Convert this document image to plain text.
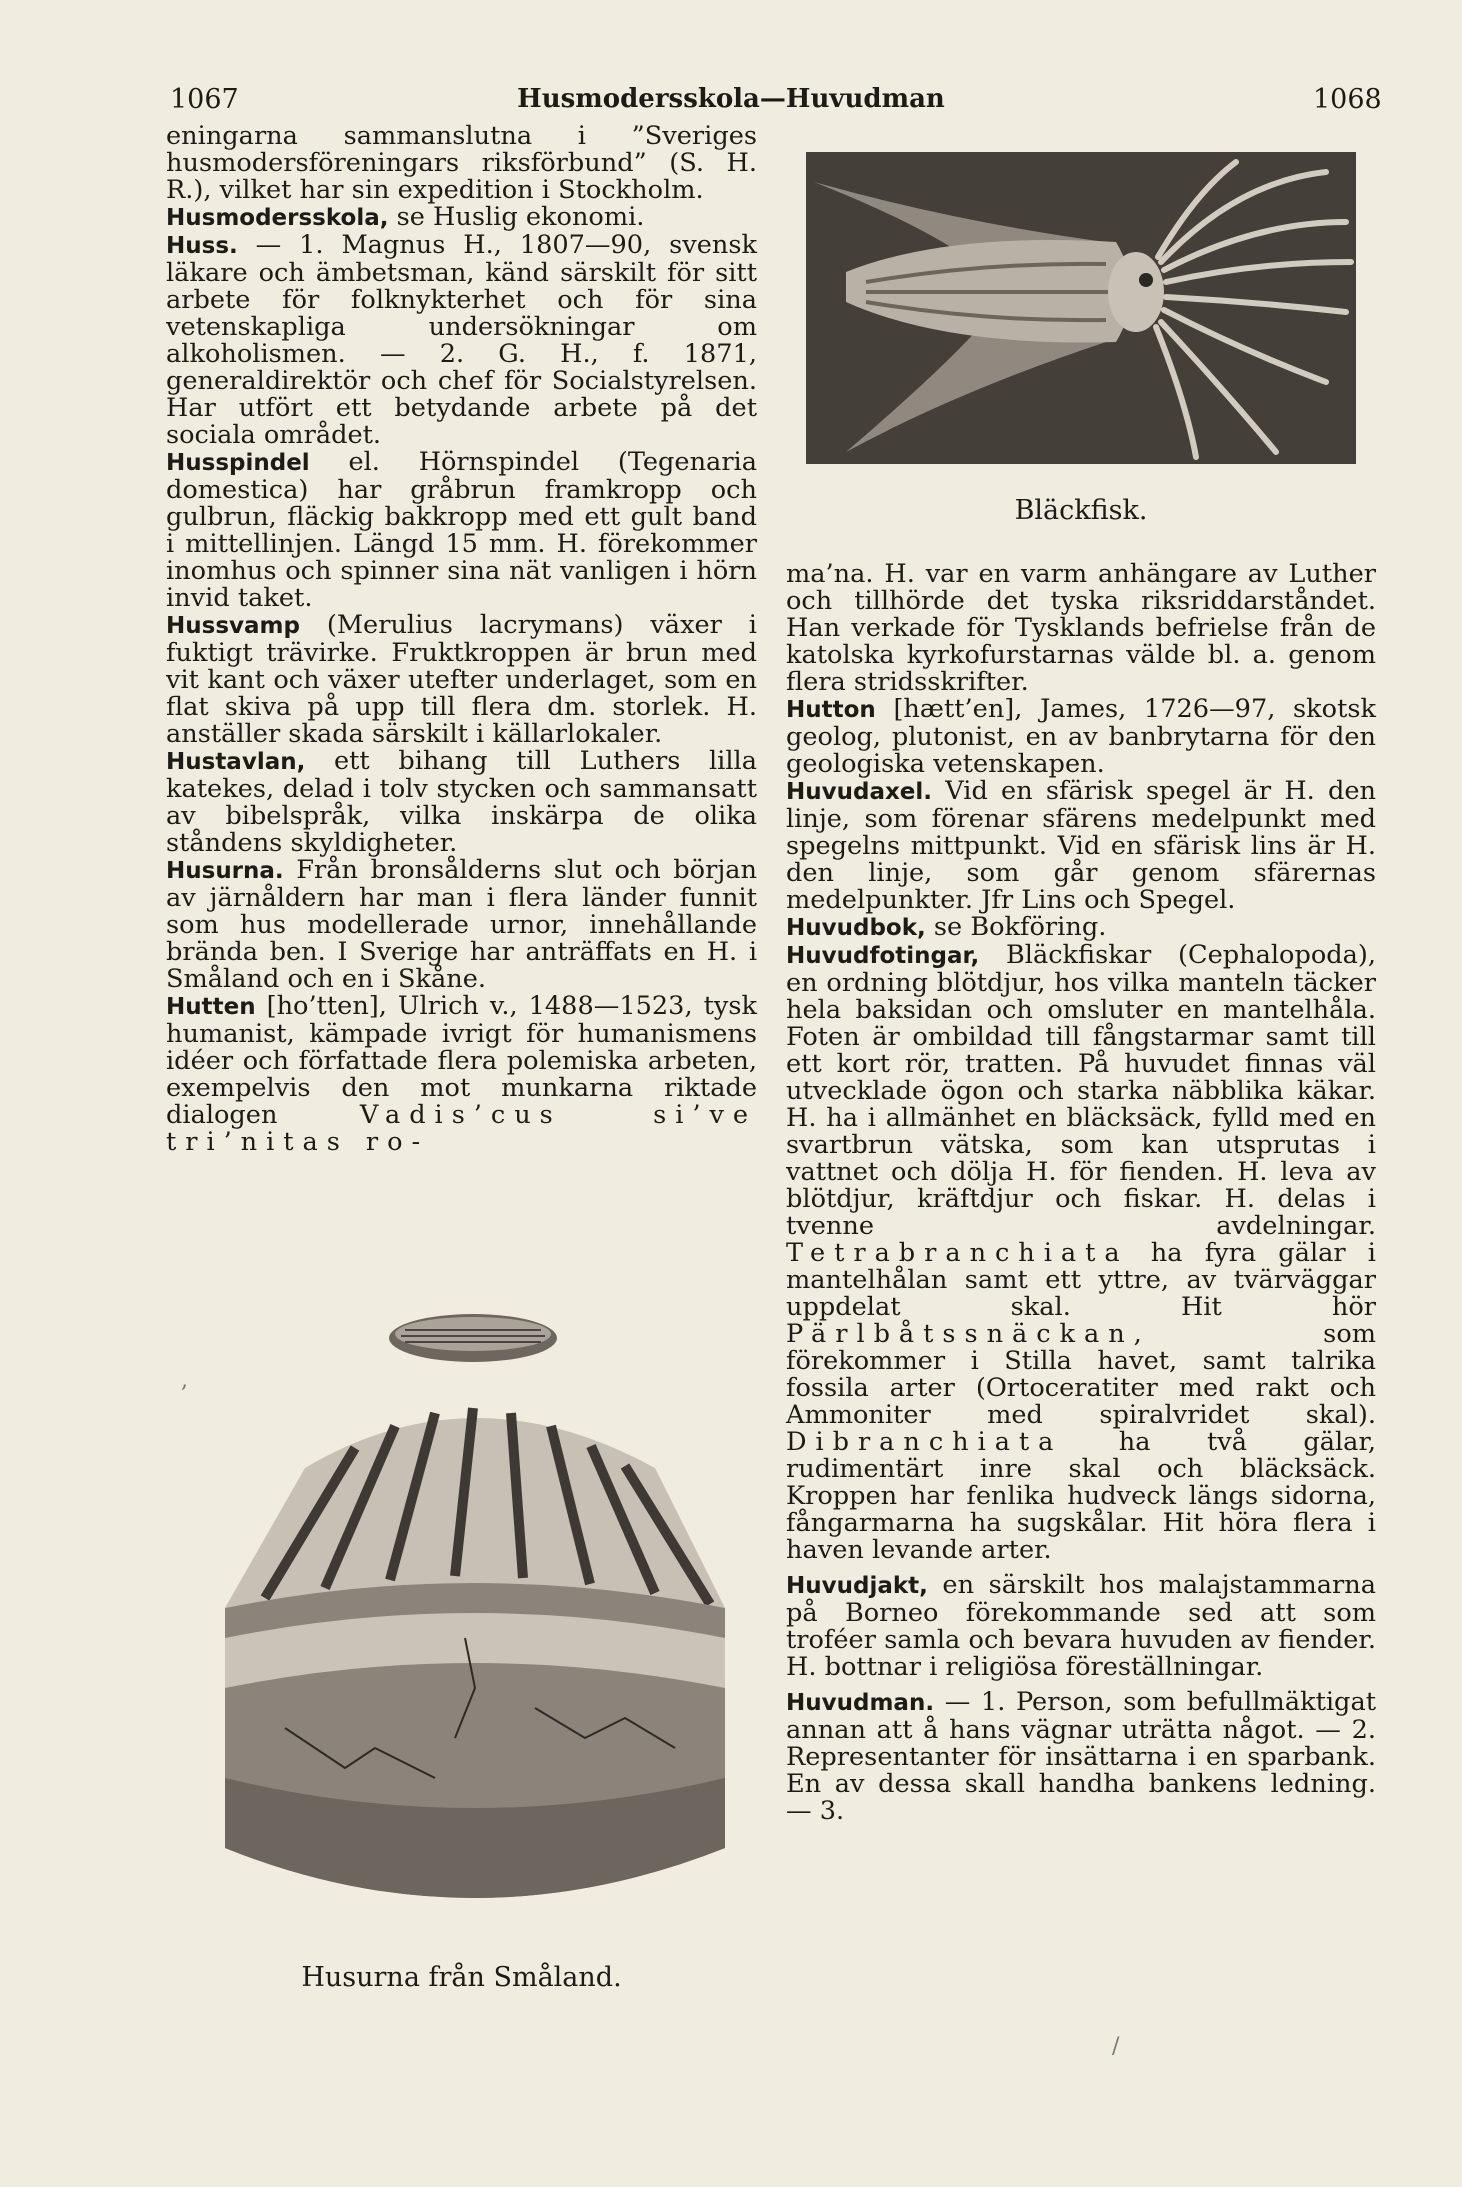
1067	Husmodersskola—Huvudman	1068

eningarna sammanslutna i ”Sveriges husmodersföreningars riksförbund” (S. H. R.), vilket har sin expedition i Stockholm.

Husmodersskola, se Huslig ekonomi.

Huss. — 1. Magnus H., 1807—90, svensk läkare och ämbetsman, känd särskilt för sitt arbete för folknykterhet och för sina vetenskapliga undersökningar om alkoholismen. — 2. G. H., f. 1871, generaldirektör och chef för Socialstyrelsen. Har utfört ett betydande arbete på det sociala området.

Husspindel el. Hörnspindel (Tegenaria domestica) har gråbrun framkropp och gulbrun, fläckig bakkropp med ett gult band i mittellinjen. Längd 15 mm. H. förekommer inomhus och spinner sina nät vanligen i hörn invid taket.

Hussvamp (Merulius lacrymans) växer i fuktigt trävirke. Fruktkroppen är brun med vit kant och växer utefter underlaget, som en flat skiva på upp till flera dm. storlek. H. anställer skada särskilt i källarlokaler.

Hustavlan, ett bihang till Luthers lilla katekes, delad i tolv stycken och sammansatt av bibelspråk, vilka inskärpa de olika ståndens skyldigheter.

Husurna. Från bronsålderns slut och början av järnåldern har man i flera länder funnit som hus modellerade urnor, innehållande brända ben. I Sverige har anträffats en H. i Småland och en i Skåne.

Hutten [ho’tten], Ulrich v., 1488—1523, tysk humanist, kämpade ivrigt för humanismens idéer och författade flera polemiska arbeten, exempelvis den mot munkarna riktade dialogen	Vadis’cus si’ve tri’nitas ro-

Bläckfisk.

ma’na. H. var en varm anhängare av Luther och tillhörde det tyska riksriddarståndet. Han verkade för Tysklands befrielse från de katolska kyrkofurstarnas välde bl. a. genom flera stridsskrifter.

Hutton [hætt’en], James, 1726—97, skotsk geolog, plutonist, en av banbrytarna för den geologiska vetenskapen.

Huvudaxel. Vid en sfärisk spegel är H. den linje, som förenar sfärens medelpunkt med spegelns mittpunkt. Vid en sfärisk lins är H. den linje, som går genom sfärernas medelpunkter. Jfr Lins och Spegel.

Huvudbok, se Bokföring.

Huvudfotingar, Bläckfiskar (Cephalopoda), en ordning blötdjur, hos vilka manteln täcker hela baksidan och omsluter en mantelhåla. Foten är ombildad till fångstarmar samt till ett kort rör, tratten. På huvudet finnas väl utvecklade ögon och starka näbblika käkar. H. ha i allmänhet en bläcksäck, fylld med en svartbrun vätska, som kan utsprutas i vattnet och dölja H. för fienden. H. leva av blötdjur, kräftdjur och fiskar. H. delas i tvenne avdelningar. Tetrabranchiata ha fyra gälar i mantelhålan samt ett yttre, av tvärväggar uppdelat skal. Hit hör Pärlbåtssnäckan, som förekommer i Stilla havet, samt talrika fossila arter (Ortoceratiter med rakt och Ammoniter med spiralvridet skal). Dibranchiata ha två gälar, rudimentärt inre skal och bläcksäck. Kroppen har fenlika hudveck längs sidorna, fångarmarna ha sugskålar. Hit höra flera i haven levande arter.

Huvudjakt, en särskilt hos malajstammarna på Borneo förekommande sed att som troféer samla och bevara huvuden av fiender. H. bottnar i religiösa föreställningar.

Huvudman. — 1. Person, som befullmäktigat annan att å hans vägnar uträtta något. — 2. Representanter för insättarna i en sparbank. En av dessa skall handha bankens ledning. — 3.

Husurna från Småland.
/
,
